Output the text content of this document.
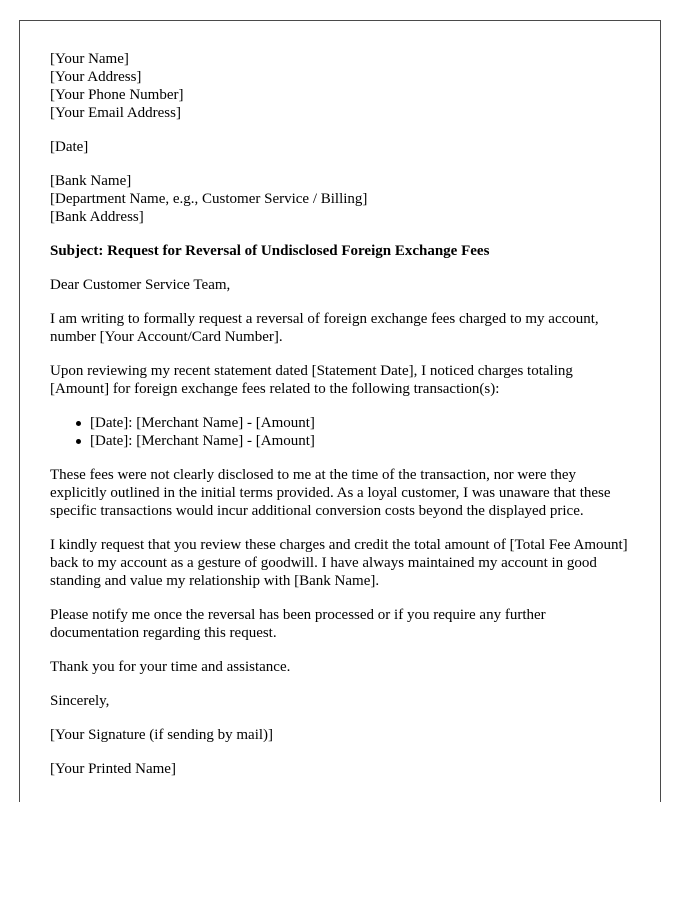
[Your Name]
[Your Address]
[Your Phone Number]
[Your Email Address]

[Date]

[Bank Name]
[Department Name, e.g., Customer Service / Billing]
[Bank Address]
Subject: Request for Reversal of Undisclosed Foreign Exchange Fees

Dear Customer Service Team,

I am writing to formally request a reversal of foreign exchange fees charged to my account, number [Your Account/Card Number].

Upon reviewing my recent statement dated [Statement Date], I noticed charges totaling [Amount] for foreign exchange fees related to the following transaction(s):

[Date]: [Merchant Name] - [Amount]
[Date]: [Merchant Name] - [Amount]

These fees were not clearly disclosed to me at the time of the transaction, nor were they explicitly outlined in the initial terms provided. As a loyal customer, I was unaware that these specific transactions would incur additional conversion costs beyond the displayed price.

I kindly request that you review these charges and credit the total amount of [Total Fee Amount] back to my account as a gesture of goodwill. I have always maintained my account in good standing and value my relationship with [Bank Name].

Please notify me once the reversal has been processed or if you require any further documentation regarding this request.

Thank you for your time and assistance.

Sincerely,

[Your Signature (if sending by mail)]

[Your Printed Name]
